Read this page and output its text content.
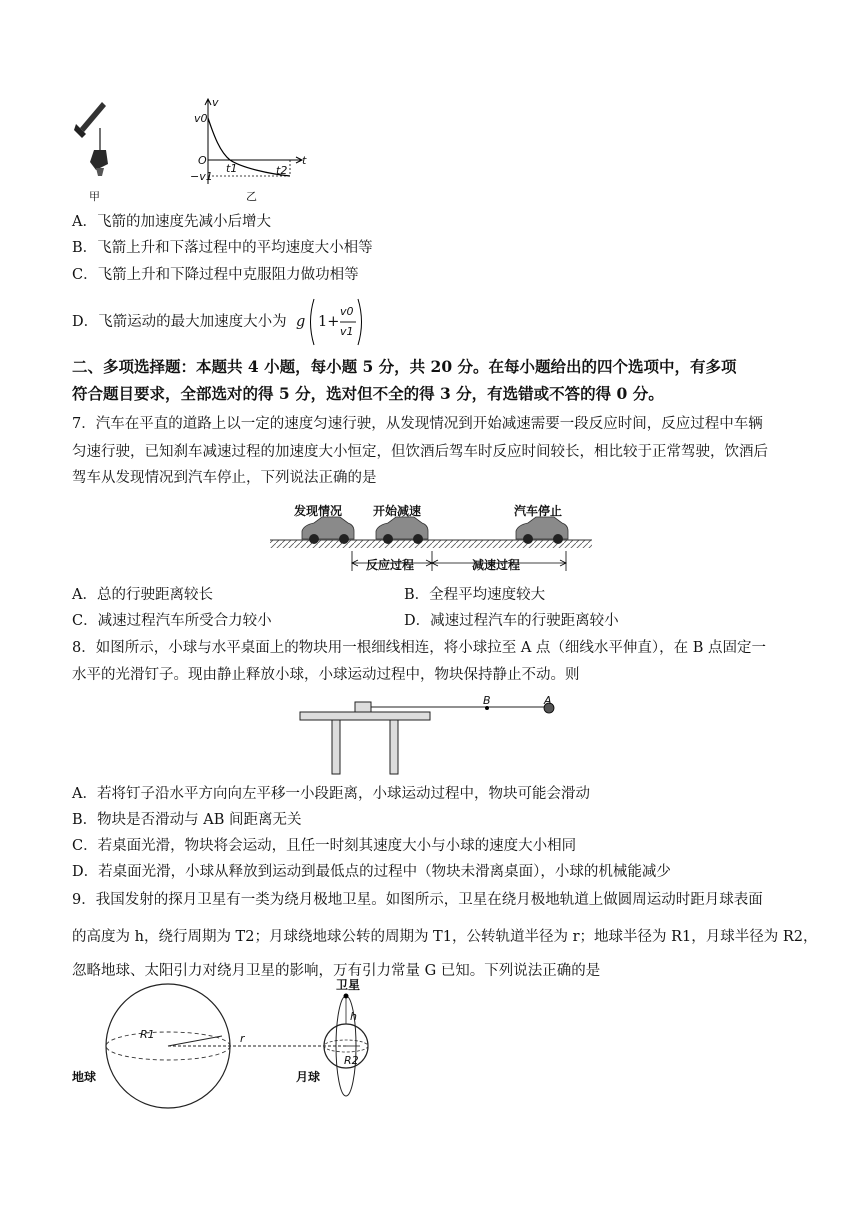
甲
v
t
O
v0
−v1
t1	t2
乙
A．飞箭的加速度先减小后增大
B．飞箭上升和下落过程中的平均速度大小相等
C．飞箭上升和下降过程中克服阻力做功相等
D．飞箭运动的最大加速度大小为 g 1+
v0
v1
二、多项选择题：本题共 4 小题，每小题 5 分，共 20 分。在每小题给出的四个选项中，有多项
符合题目要求，全部选对的得 5 分，选对但不全的得 3 分，有选错或不答的得 0 分。
7．汽车在平直的道路上以一定的速度匀速行驶，从发现情况到开始减速需要一段反应时间，反应过程中车辆
匀速行驶，已知刹车减速过程的加速度大小恒定，但饮酒后驾车时反应时间较长，相比较于正常驾驶，饮酒后
驾车从发现情况到汽车停止，下列说法正确的是
发现情况	开始减速	汽车停止
反应过程	减速过程
A．总的行驶距离较长	B．全程平均速度较大
C．减速过程汽车所受合力较小	D．减速过程汽车的行驶距离较小
8．如图所示，小球与水平桌面上的物块用一根细线相连，将小球拉至 A 点（细线水平伸直），在 B 点固定一
水平的光滑钉子。现由静止释放小球，小球运动过程中，物块保持静止不动。则
B	A
A．若将钉子沿水平方向向左平移一小段距离，小球运动过程中，物块可能会滑动
B．物块是否滑动与 AB 间距离无关
C．若桌面光滑，物块将会运动，且任一时刻其速度大小与小球的速度大小相同
D．若桌面光滑，小球从释放到运动到最低点的过程中（物块未滑离桌面），小球的机械能减少
9．我国发射的探月卫星有一类为绕月极地卫星。如图所示，卫星在绕月极地轨道上做圆周运动时距月球表面
的高度为 h，绕行周期为 T2；月球绕地球公转的周期为 T1，公转轨道半径为 r；地球半径为 R1，月球半径为 R2，
忽略地球、太阳引力对绕月卫星的影响，万有引力常量 G 已知。下列说法正确的是
地球	月球
卫星
R1	r
R2
h
